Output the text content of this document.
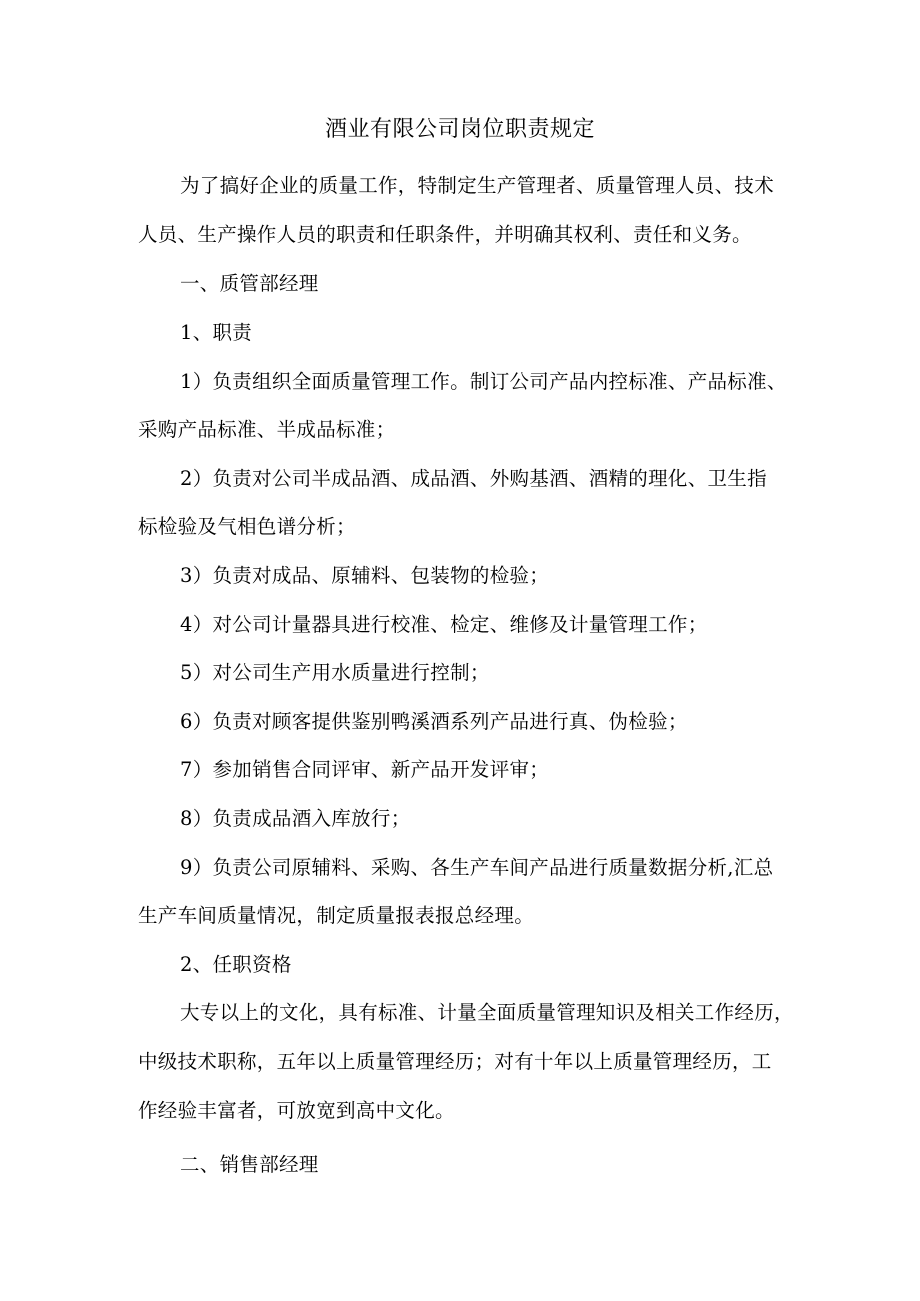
酒业有限公司岗位职责规定
为了搞好企业的质量工作，特制定生产管理者、质量管理人员、技术
人员、生产操作人员的职责和任职条件，并明确其权利、责任和义务。
一、质管部经理
1、职责
1）负责组织全面质量管理工作。制订公司产品内控标准、产品标准、
采购产品标准、半成品标准；
2）负责对公司半成品酒、成品酒、外购基酒、酒精的理化、卫生指
标检验及气相色谱分析；
3）负责对成品、原辅料、包装物的检验；
4）对公司计量器具进行校准、检定、维修及计量管理工作；
5）对公司生产用水质量进行控制；
6）负责对顾客提供鉴别鸭溪酒系列产品进行真、伪检验；
7）参加销售合同评审、新产品开发评审；
8）负责成品酒入库放行；
9）负责公司原辅料、采购、各生产车间产品进行质量数据分析,汇总
生产车间质量情况，制定质量报表报总经理。
2、任职资格
大专以上的文化，具有标准、计量全面质量管理知识及相关工作经历，
中级技术职称，五年以上质量管理经历；对有十年以上质量管理经历，工
作经验丰富者，可放宽到高中文化。
二、销售部经理
